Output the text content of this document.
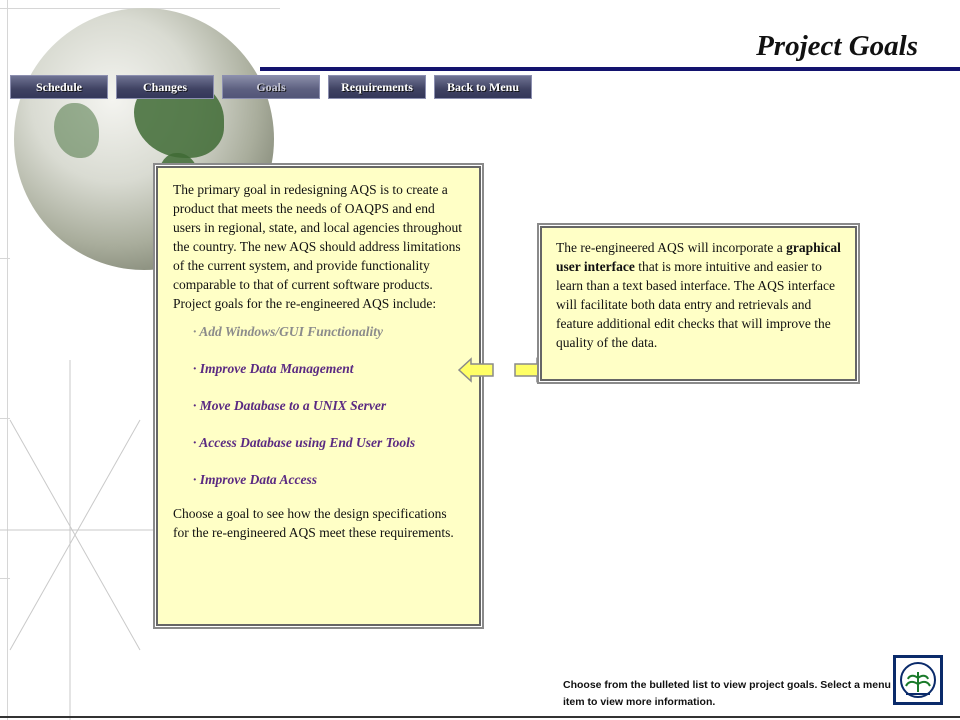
Project Goals
Schedule	Changes	Goals	Requirements	Back to Menu

The primary goal in redesigning AQS is to create a product that meets the needs of OAQPS and end users in regional, state, and local agencies throughout the country. The new AQS should address limitations of the current system, and provide functionality comparable to that of current software products. Project goals for the re-engineered AQS include:

· Add Windows/GUI Functionality
· Improve Data Management
· Move Database to a UNIX Server
· Access Database using End User Tools
· Improve Data Access

Choose a goal to see how the design specifications for the re-engineered AQS meet these requirements.

The re-engineered AQS will incorporate a graphical user interface that is more intuitive and easier to learn than a text based interface. The AQS interface will facilitate both data entry and retrievals and feature additional edit checks that will improve the quality of the data.

Choose from the bulleted list to view project goals. Select a menu item to view more information.
